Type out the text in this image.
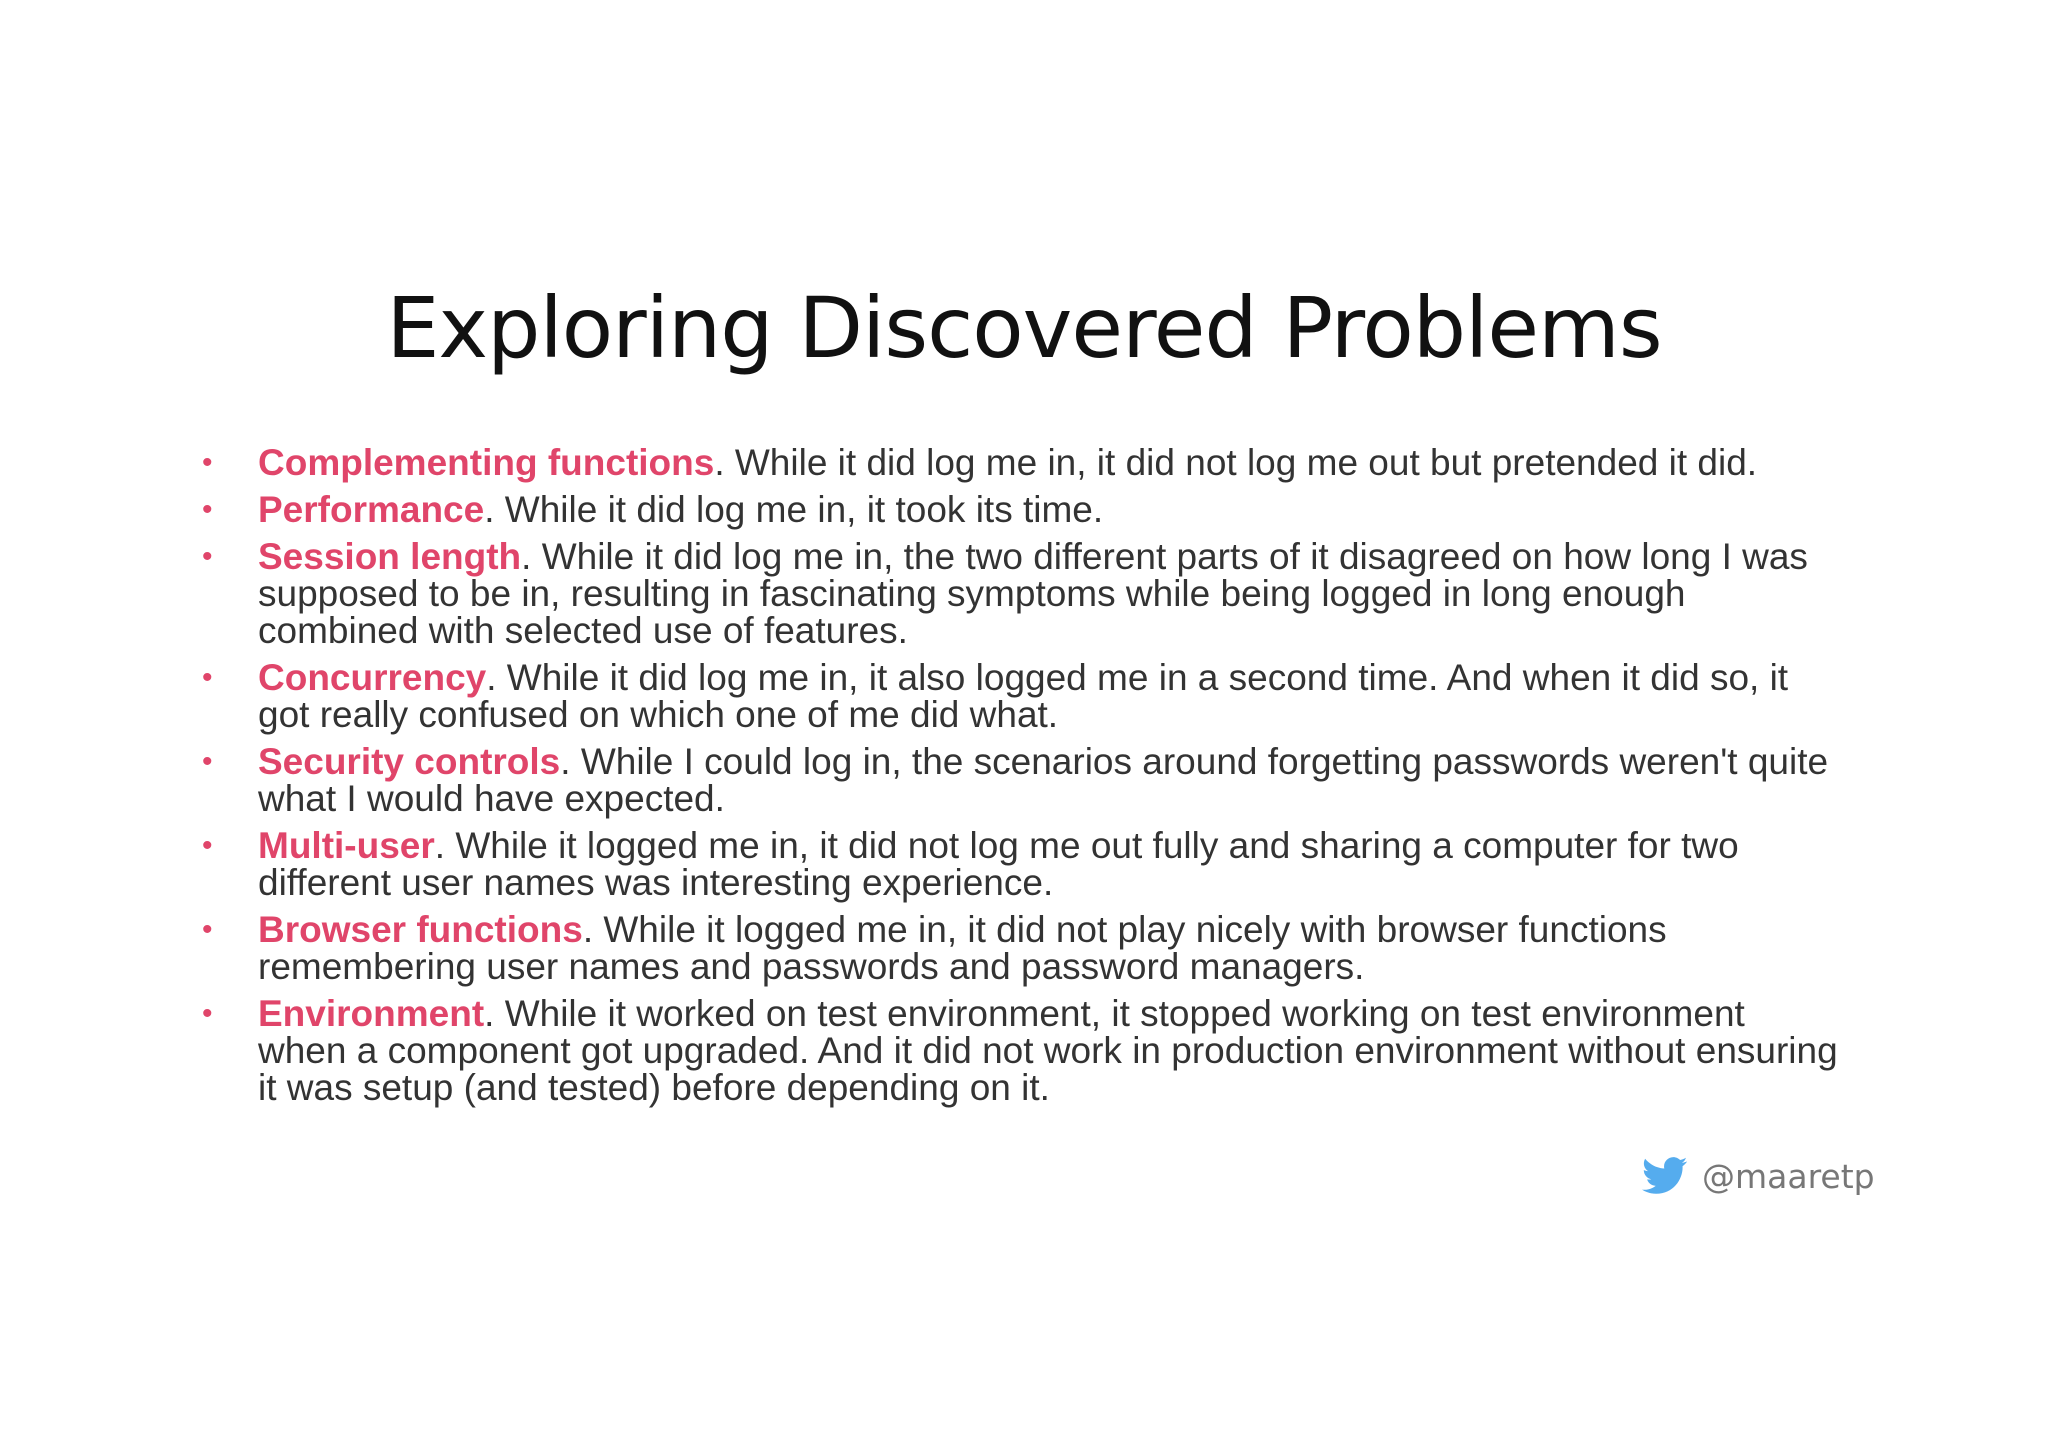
Exploring Discovered Problems
• Complementing functions. While it did log me in, it did not log me out but pretended it did.
• Performance. While it did log me in, it took its time.
• Session length. While it did log me in, the two different parts of it disagreed on how long I was supposed to be in, resulting in fascinating symptoms while being logged in long enough combined with selected use of features.
• Concurrency. While it did log me in, it also logged me in a second time. And when it did so, it got really confused on which one of me did what.
• Security controls. While I could log in, the scenarios around forgetting passwords weren't quite what I would have expected.
• Multi-user. While it logged me in, it did not log me out fully and sharing a computer for two different user names was interesting experience.
• Browser functions. While it logged me in, it did not play nicely with browser functions remembering user names and passwords and password managers.
• Environment. While it worked on test environment, it stopped working on test environment when a component got upgraded. And it did not work in production environment without ensuring it was setup (and tested) before depending on it.
@maaretp
